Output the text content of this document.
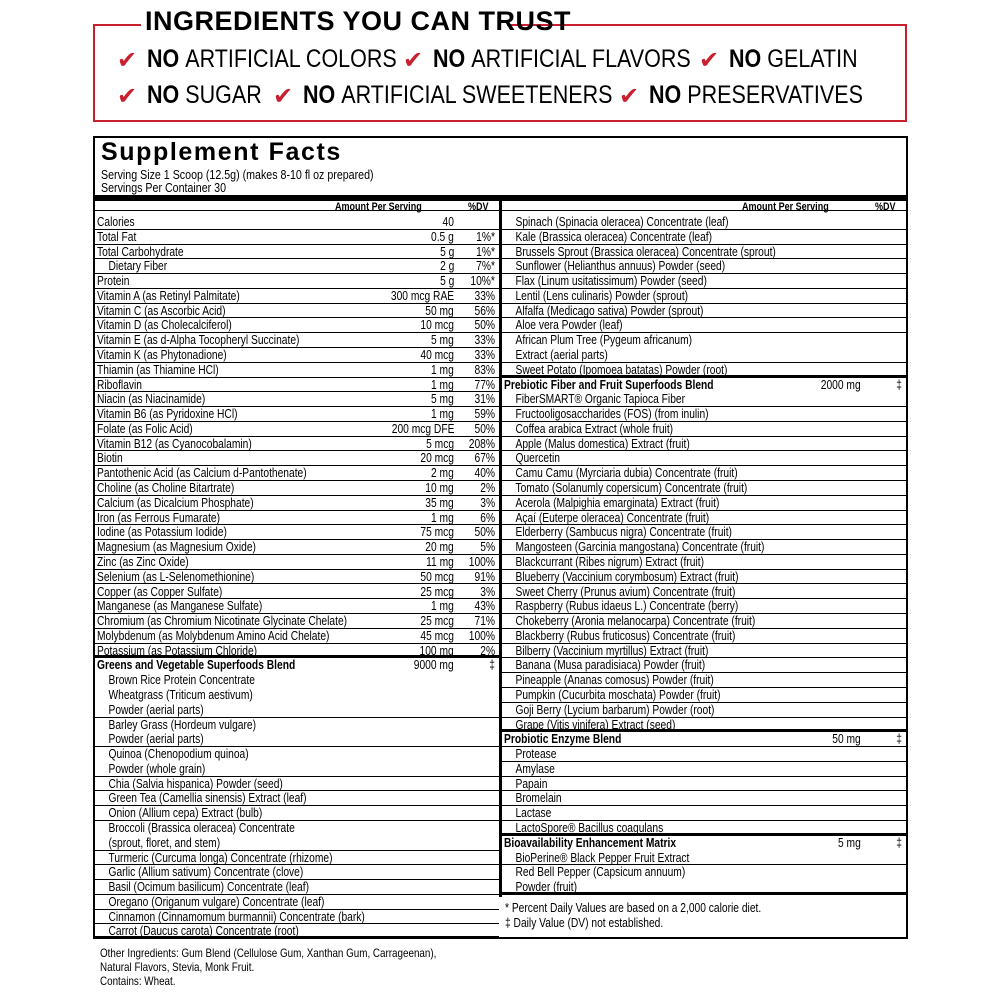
INGREDIENTS YOU CAN TRUST
✔ NO ARTIFICIAL COLORS ✔ NO ARTIFICIAL FLAVORS ✔ NO GELATIN
✔ NO SUGAR ✔ NO ARTIFICIAL SWEETENERS ✔ NO PRESERVATIVES
Supplement Facts
Serving Size 1 Scoop (12.5g) (makes 8-10 fl oz prepared)
Servings Per Container 30
Amount Per Serving	%DV	Amount Per Serving	%DV
Calories	40
Total Fat	0.5 g 1%*
Total Carbohydrate	5 g 1%*
Dietary Fiber	2 g 7%*
Protein	5 g 10%*
Vitamin A (as Retinyl Palmitate)	300 mcg RAE 33%
Vitamin C (as Ascorbic Acid)	50 mg 56%
Vitamin D (as Cholecalciferol)	10 mcg 50%
Vitamin E (as d-Alpha Tocopheryl Succinate)	5 mg 33%
Vitamin K (as Phytonadione)	40 mcg 33%
Thiamin (as Thiamine HCl)	1 mg 83%
Riboflavin	1 mg 77%
Niacin (as Niacinamide)	5 mg 31%
Vitamin B6 (as Pyridoxine HCl)	1 mg 59%
Folate (as Folic Acid)	200 mcg DFE 50%
Vitamin B12 (as Cyanocobalamin)	5 mcg 208%
Biotin	20 mcg 67%
Pantothenic Acid (as Calcium d-Pantothenate)	2 mg 40%
Choline (as Choline Bitartrate)	10 mg 2%
Calcium (as Dicalcium Phosphate)	35 mg 3%
Iron (as Ferrous Fumarate)	1 mg 6%
Iodine (as Potassium Iodide)	75 mcg 50%
Magnesium (as Magnesium Oxide)	20 mg 5%
Zinc (as Zinc Oxide)	11 mg 100%
Selenium (as L-Selenomethionine)	50 mcg 91%
Copper (as Copper Sulfate)	25 mcg 3%
Manganese (as Manganese Sulfate)	1 mg 43%
Chromium (as Chromium Nicotinate Glycinate Chelate)	25 mcg 71%
Molybdenum (as Molybdenum Amino Acid Chelate)	45 mcg 100%
Potassium (as Potassium Chloride)	100 mg 2%
Greens and Vegetable Superfoods Blend	9000 mg	‡
Brown Rice Protein Concentrate
Wheatgrass (Triticum aestivum)
Powder (aerial parts)
Barley Grass (Hordeum vulgare)
Powder (aerial parts)
Quinoa (Chenopodium quinoa)
Powder (whole grain)
Chia (Salvia hispanica) Powder (seed)
Green Tea (Camellia sinensis) Extract (leaf)
Onion (Allium cepa) Extract (bulb)
Broccoli (Brassica oleracea) Concentrate
(sprout, floret, and stem)
Turmeric (Curcuma longa) Concentrate (rhizome)
Garlic (Allium sativum) Concentrate (clove)
Basil (Ocimum basilicum) Concentrate (leaf)
Oregano (Origanum vulgare) Concentrate (leaf)
Cinnamon (Cinnamomum burmannii) Concentrate (bark)
Carrot (Daucus carota) Concentrate (root)
Spinach (Spinacia oleracea) Concentrate (leaf)
Kale (Brassica oleracea) Concentrate (leaf)
Brussels Sprout (Brassica oleracea) Concentrate (sprout)
Sunflower (Helianthus annuus) Powder (seed)
Flax (Linum usitatissimum) Powder (seed)
Lentil (Lens culinaris) Powder (sprout)
Alfalfa (Medicago sativa) Powder (sprout)
Aloe vera Powder (leaf)
African Plum Tree (Pygeum africanum)
Extract (aerial parts)
Sweet Potato (Ipomoea batatas) Powder (root)
Prebiotic Fiber and Fruit Superfoods Blend	2000 mg	‡
FiberSMART® Organic Tapioca Fiber
Fructooligosaccharides (FOS) (from inulin)
Coffea arabica Extract (whole fruit)
Apple (Malus domestica) Extract (fruit)
Quercetin
Camu Camu (Myrciaria dubia) Concentrate (fruit)
Tomato (Solanumly copersicum) Concentrate (fruit)
Acerola (Malpighia emarginata) Extract (fruit)
Açaí (Euterpe oleracea) Concentrate (fruit)
Elderberry (Sambucus nigra) Concentrate (fruit)
Mangosteen (Garcinia mangostana) Concentrate (fruit)
Blackcurrant (Ribes nigrum) Extract (fruit)
Blueberry (Vaccinium corymbosum) Extract (fruit)
Sweet Cherry (Prunus avium) Concentrate (fruit)
Raspberry (Rubus idaeus L.) Concentrate (berry)
Chokeberry (Aronia melanocarpa) Concentrate (fruit)
Blackberry (Rubus fruticosus) Concentrate (fruit)
Bilberry (Vaccinium myrtillus) Extract (fruit)
Banana (Musa paradisiaca) Powder (fruit)
Pineapple (Ananas comosus) Powder (fruit)
Pumpkin (Cucurbita moschata) Powder (fruit)
Goji Berry (Lycium barbarum) Powder (root)
Grape (Vitis vinifera) Extract (seed)
Probiotic Enzyme Blend	50 mg	‡
Protease
Amylase
Papain
Bromelain
Lactase
LactoSpore® Bacillus coagulans
Bioavailability Enhancement Matrix	5 mg	‡
BioPerine® Black Pepper Fruit Extract
Red Bell Pepper (Capsicum annuum)
Powder (fruit)
* Percent Daily Values are based on a 2,000 calorie diet.
‡ Daily Value (DV) not established.
Other Ingredients: Gum Blend (Cellulose Gum, Xanthan Gum, Carrageenan),
Natural Flavors, Stevia, Monk Fruit.
Contains: Wheat.
